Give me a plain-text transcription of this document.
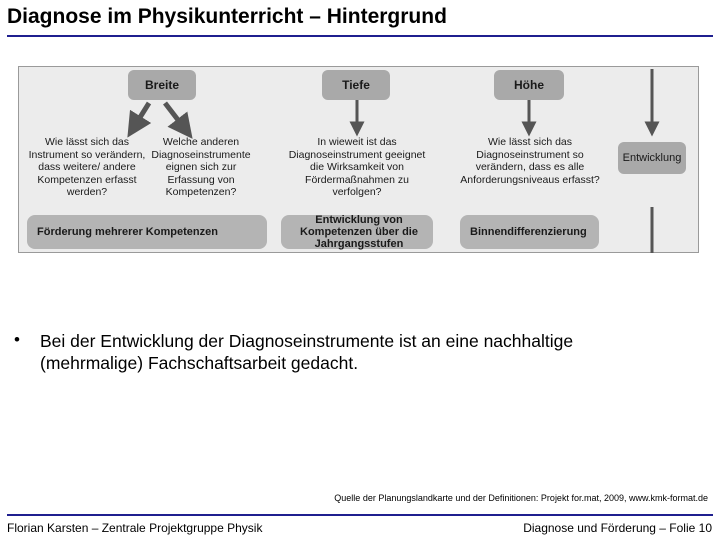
Diagnose im Physikunterricht – Hintergrund
Breite	Tiefe	Höhe
Wie lässt sich das Instrument so verändern, dass weitere/ andere Kompetenzen erfasst werden?
Welche anderen Diagnoseinstrumente eignen sich zur Erfassung von Kompetenzen?
In wieweit ist das Diagnoseinstrument geeignet die Wirksamkeit von Fördermaßnahmen zu verfolgen?
Wie lässt sich das Diagnoseinstrument so verändern, dass es alle Anforderungsniveaus erfasst?
Entwicklung
Förderung mehrerer Kompetenzen
Entwicklung von Kompetenzen über die Jahrgangsstufen
Binnendifferenzierung
• Bei der Entwicklung der Diagnoseinstrumente ist an eine nachhaltige (mehrmalige) Fachschaftsarbeit gedacht.
Quelle der Planungslandkarte und der Definitionen: Projekt for.mat, 2009, www.kmk-format.de
Florian Karsten – Zentrale Projektgruppe Physik	Diagnose und Förderung – Folie 10
